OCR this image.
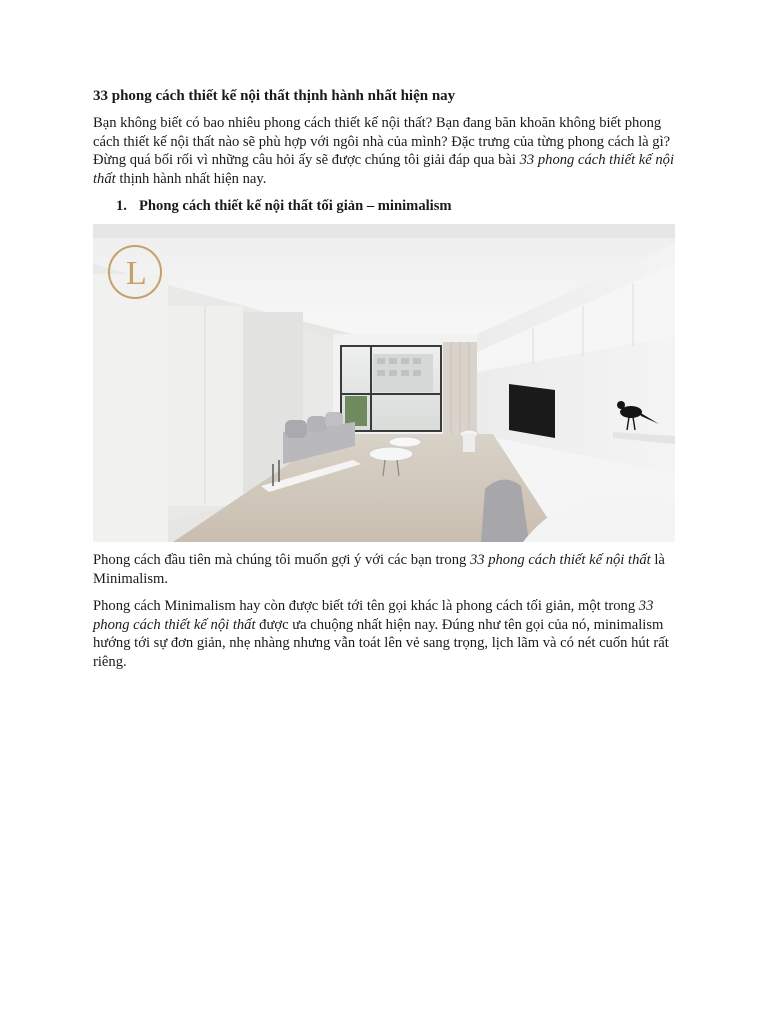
33 phong cách thiết kế nội thất thịnh hành nhất hiện nay
Bạn không biết có bao nhiêu phong cách thiết kế nội thất? Bạn đang băn khoăn không biết phong cách thiết kế nội thất nào sẽ phù hợp với ngôi nhà của mình? Đặc trưng của từng phong cách là gì? Đừng quá bối rối vì những câu hỏi ấy sẽ được chúng tôi giải đáp qua bài 33 phong cách thiết kế nội thất thịnh hành nhất hiện nay.
1. Phong cách thiết kế nội thất tối giản – minimalism
L
Phong cách đầu tiên mà chúng tôi muốn gợi ý với các bạn trong 33 phong cách thiết kế nội thất là Minimalism.
Phong cách Minimalism hay còn được biết tới tên gọi khác là phong cách tối giản, một trong 33 phong cách thiết kế nội thất được ưa chuộng nhất hiện nay. Đúng như tên gọi của nó, minimalism hướng tới sự đơn giản, nhẹ nhàng nhưng vẫn toát lên vẻ sang trọng, lịch lãm và có nét cuốn hút rất riêng.
